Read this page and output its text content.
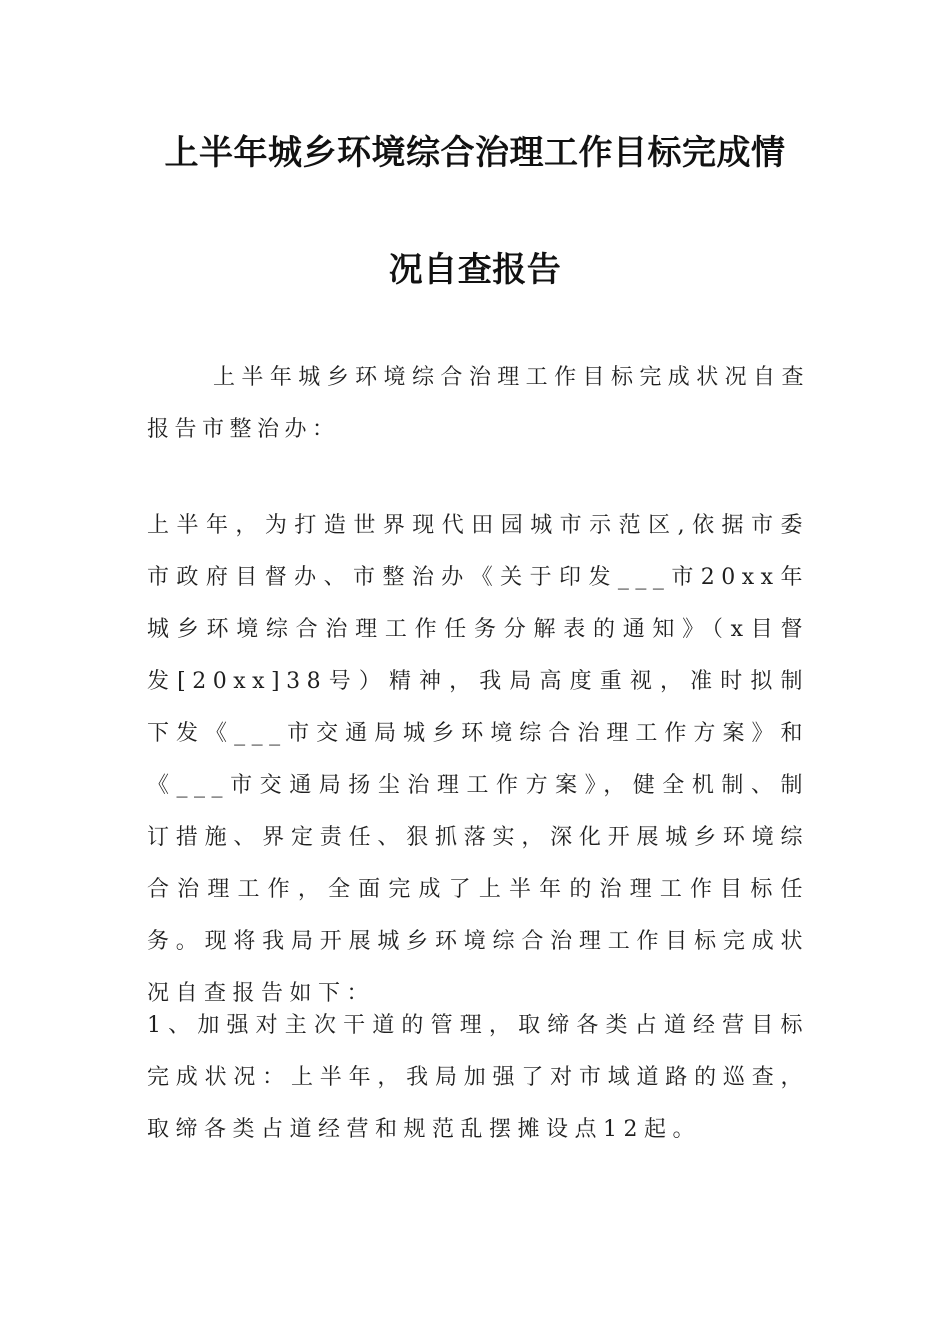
上半年城乡环境综合治理工作目标完成情
况自查报告

上半年城乡环境综合治理工作目标完成状况自查报告市整治办：

上半年，为打造世界现代田园城市示范区,依据市委市政府目督办、市整治办《关于印发___市20xx年城乡环境综合治理工作任务分解表的通知》（x目督发[20xx]38号）精神，我局高度重视，准时拟制下发《___市交通局城乡环境综合治理工作方案》和《___市交通局扬尘治理工作方案》，健全机制、制订措施、界定责任、狠抓落实，深化开展城乡环境综合治理工作，全面完成了上半年的治理工作目标任务。现将我局开展城乡环境综合治理工作目标完成状况自查报告如下：

1、加强对主次干道的管理，取缔各类占道经营目标完成状况：上半年，我局加强了对市域道路的巡查，取缔各类占道经营和规范乱摆摊设点12起。
